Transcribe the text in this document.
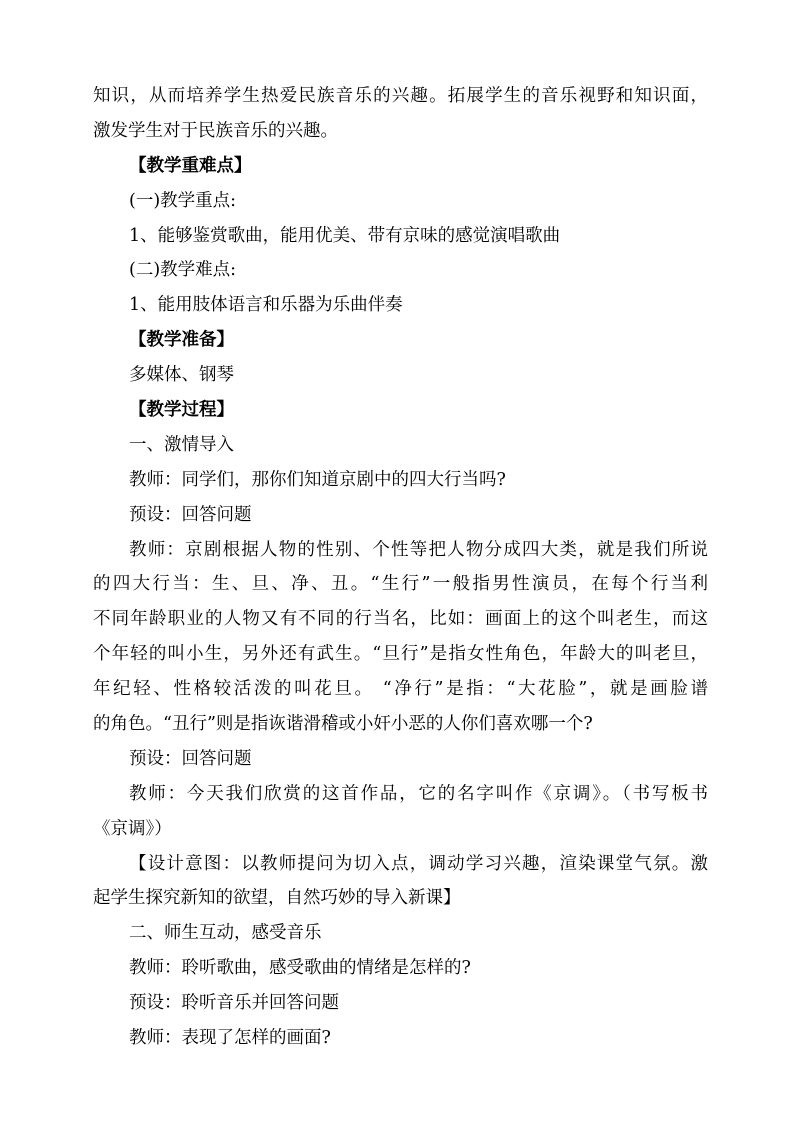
知识，从而培养学生热爱民族音乐的兴趣。拓展学生的音乐视野和知识面，
激发学生对于民族音乐的兴趣。
【教学重难点】
(一)教学重点:
1、能够鉴赏歌曲，能用优美、带有京味的感觉演唱歌曲
(二)教学难点:
1、能用肢体语言和乐器为乐曲伴奏
【教学准备】
多媒体、钢琴
【教学过程】
一、激情导入
教师：同学们，那你们知道京剧中的四大行当吗?
预设：回答问题
教师：京剧根据人物的性别、个性等把人物分成四大类，就是我们所说
的四大行当：生、旦、净、丑。“生行”一般指男性演员，在每个行当利
不同年龄职业的人物又有不同的行当名，比如：画面上的这个叫老生，而这
个年轻的叫小生，另外还有武生。“旦行”是指女性角色，年龄大的叫老旦，
年纪轻、性格较活泼的叫花旦。 “净行”是指：“大花脸”，就是画脸谱
的角色。“丑行”则是指诙谐滑稽或小奸小恶的人你们喜欢哪一个?
预设：回答问题
教师：今天我们欣赏的这首作品，它的名字叫作《京调》。（书写板书
《京调》）
【设计意图：以教师提问为切入点，调动学习兴趣，渲染课堂气氛。激
起学生探究新知的欲望，自然巧妙的导入新课】
二、师生互动，感受音乐
教师：聆听歌曲，感受歌曲的情绪是怎样的?
预设：聆听音乐并回答问题
教师：表现了怎样的画面?
